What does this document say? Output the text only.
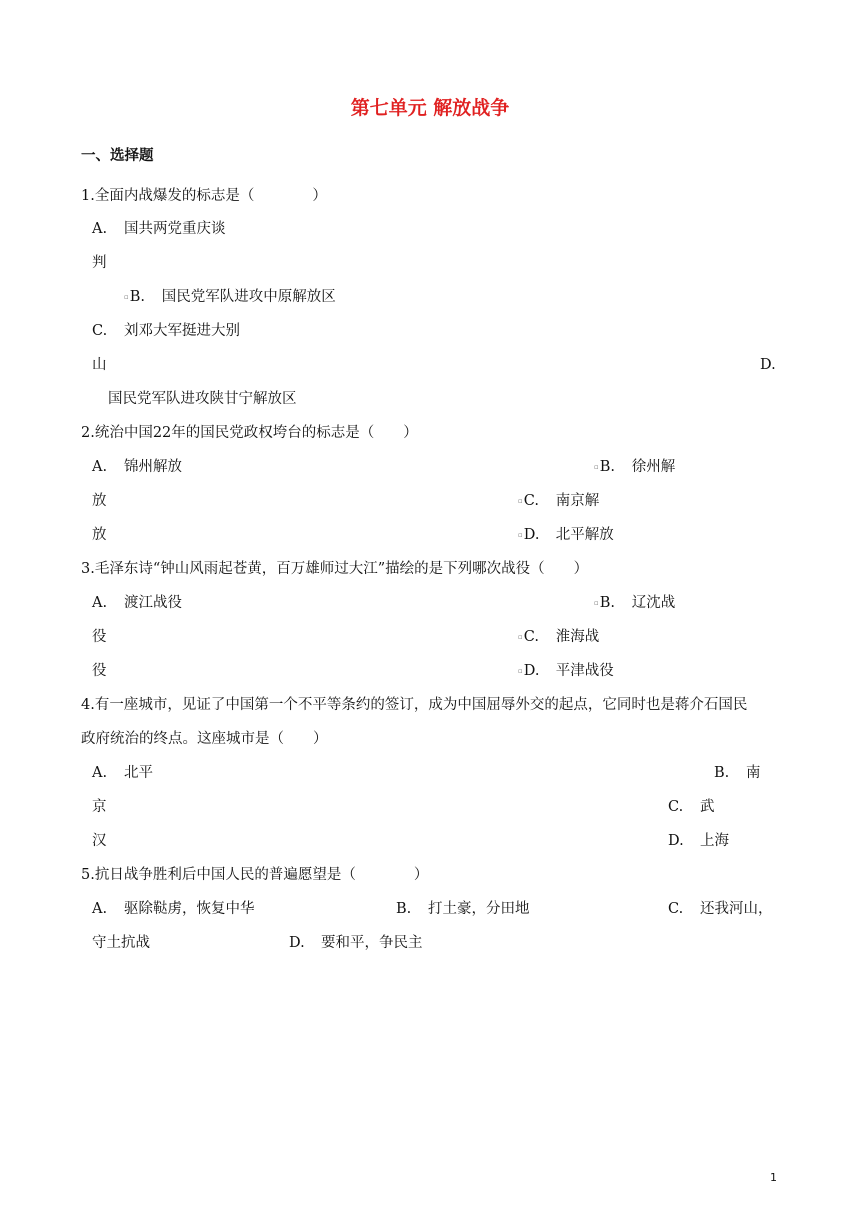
第七单元 解放战争
一、选择题
1.全面内战爆发的标志是（　　　　）
A. 国共两党重庆谈
判
▫B. 国民党军队进攻中原解放区
C. 刘邓大军挺进大别
山	D.
国民党军队进攻陕甘宁解放区
2.统治中国22年的国民党政权垮台的标志是（　　）
A. 锦州解放	▫B. 徐州解
放	▫C. 南京解
放	▫D. 北平解放
3.毛泽东诗“钟山风雨起苍黄，百万雄师过大江”描绘的是下列哪次战役（　　）
A. 渡江战役	▫B. 辽沈战
役	▫C. 淮海战
役	▫D. 平津战役
4.有一座城市，见证了中国第一个不平等条约的签订，成为中国屈辱外交的起点，它同时也是蒋介石国民
政府统治的终点。这座城市是（　　）
A. 北平	B. 南
京	C. 武
汉	D. 上海
5.抗日战争胜利后中国人民的普遍愿望是（　　　　）
A. 驱除鞑虏，恢复中华	B. 打土豪，分田地	C. 还我河山，
守土抗战	D. 要和平，争民主
1
